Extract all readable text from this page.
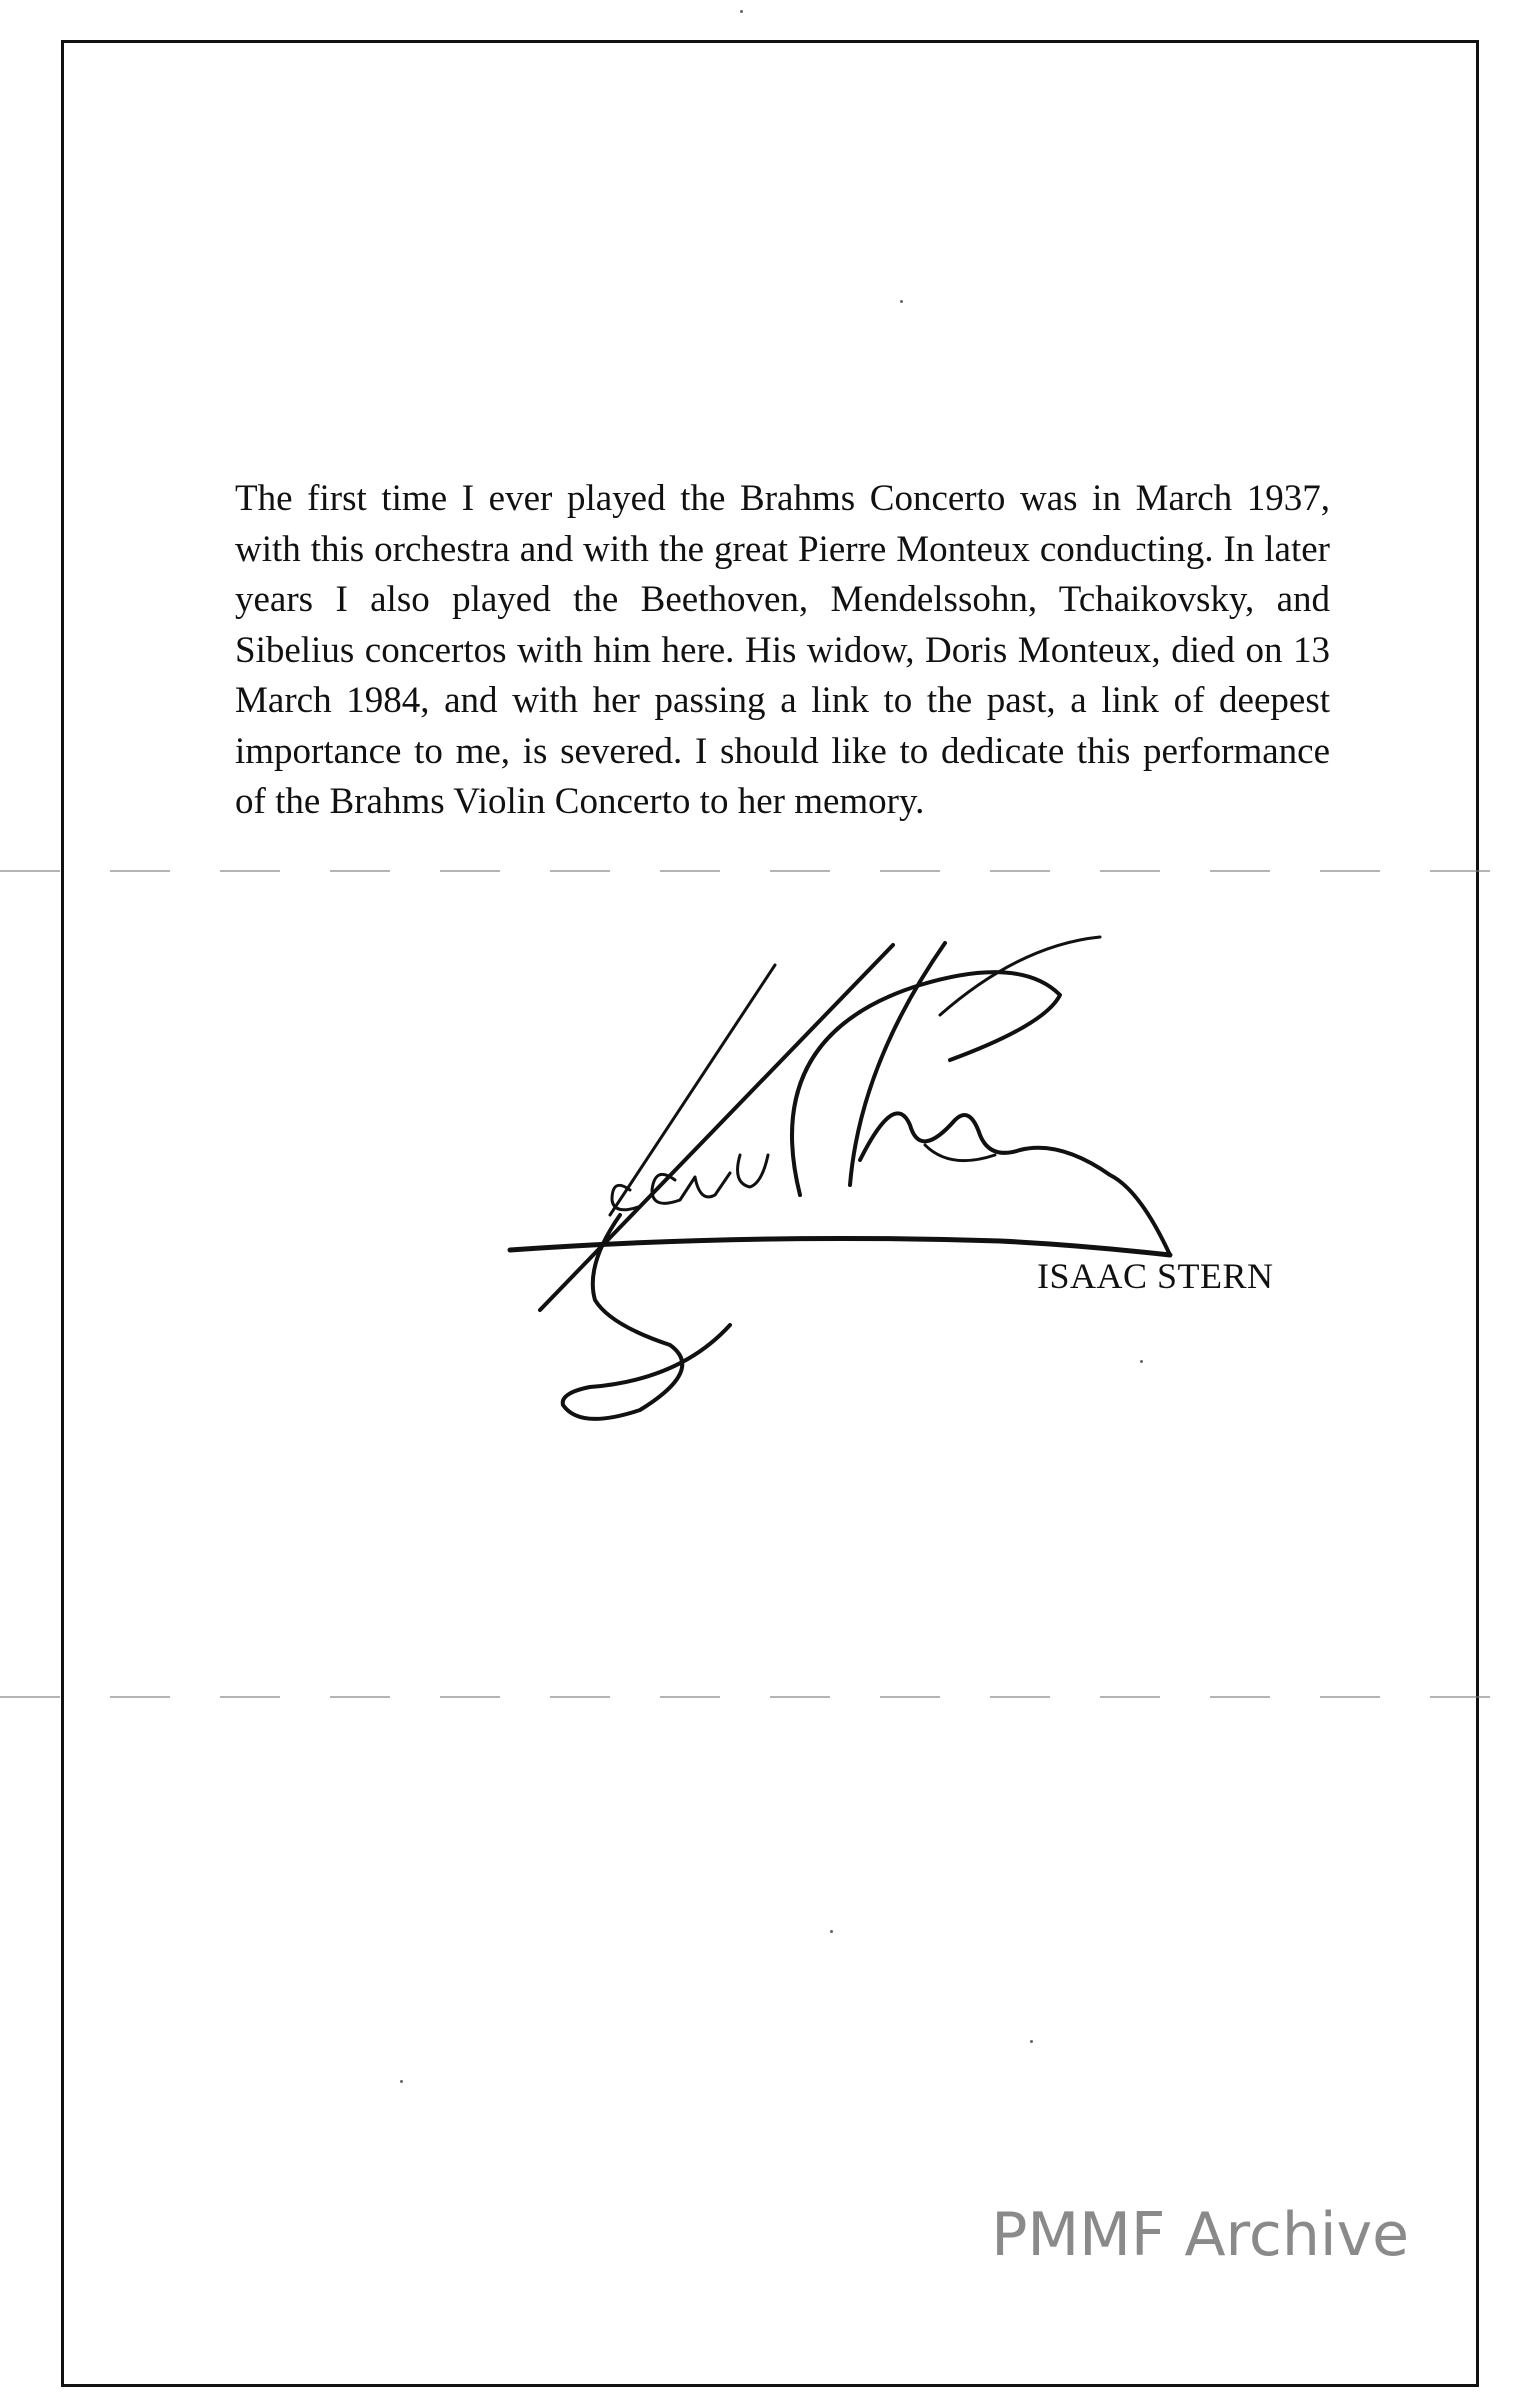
The first time I ever played the Brahms Concerto was in March 1937, with this orchestra and with the great Pierre Monteux conducting. In later years I also played the Beethoven, Mendelssohn, Tchaikovsky, and Sibelius concertos with him here. His widow, Doris Monteux, died on 13 March 1984, and with her passing a link to the past, a link of deepest importance to me, is severed. I should like to dedicate this performance of the Brahms Violin Concerto to her memory.

ISAAC STERN
PMMF Archive
